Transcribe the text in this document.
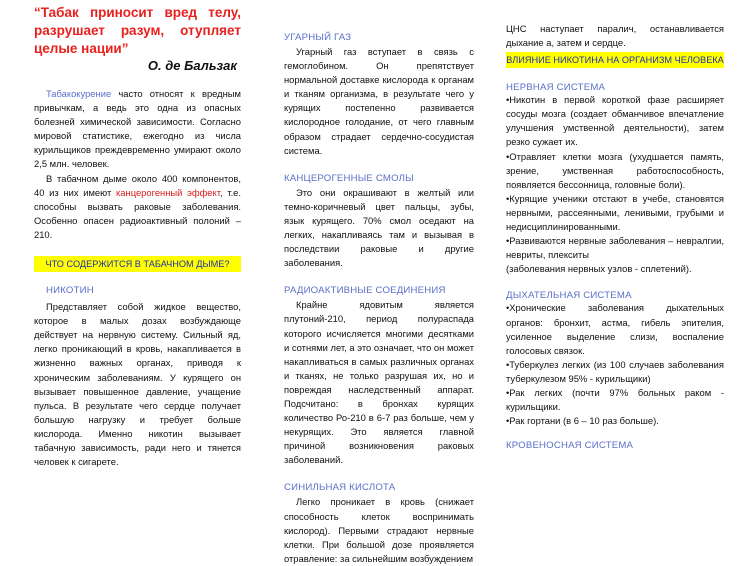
“Табак приносит вред телу, разрушает разум, отупляет целые нации”
О. де Бальзак

Табакокурение часто относят к вредным привычкам, а ведь это одна из опасных болезней химической зависимости. Согласно мировой статистике, ежегодно из числа курильщиков преждевременно умирают около 2,5 млн. человек.

В табачном дыме около 400 компонентов, 40 из них имеют канцерогенный эффект, т.е. способны вызвать раковые заболевания. Особенно опасен радиоактивный полоний – 210.

ЧТО СОДЕРЖИТСЯ В ТАБАЧНОМ ДЫМЕ?
НИКОТИН

Представляет собой жидкое вещество, которое в малых дозах возбуждающе действует на нервную систему. Сильный яд, легко проникающий в кровь, накапливается в жизненно важных органах, приводя к хроническим заболеваниям. У курящего он вызывает повышенное давление, учащение пульса. В результате чего сердце получает большую нагрузку и требует больше кислорода. Именно никотин вызывает табачную зависимость, ради него и тянется человек к сигарете.

УГАРНЫЙ ГАЗ

Угарный газ вступает в связь с гемоглобином. Он препятствует нормальной доставке кислорода к органам и тканям организма, в результате чего у курящих постепенно развивается кислородное голодание, от чего главным образом страдает сердечно-сосудистая система.

КАНЦЕРОГЕННЫЕ СМОЛЫ

Это они окрашивают в желтый или темно-коричневый цвет пальцы, зубы, язык курящего. 70% смол оседают на легких, накапливаясь там и вызывая в последствии раковые и другие заболевания.

РАДИОАКТИВНЫЕ СОЕДИНЕНИЯ

Крайне ядовитым является плутоний-210, период полураспада которого исчисляется многими десятками и сотнями лет, а это означает, что он может накапливаться в самых различных органах и тканях, не только разрушая их, но и повреждая наследственный аппарат. Подсчитано: в бронхах курящих количество Ро-210 в 6-7 раз больше, чем у некурящих. Это является главной причиной возникновения раковых заболеваний.

СИНИЛЬНАЯ КИСЛОТА

Легко проникает в кровь (снижает способность клеток воспринимать кислород). Первыми страдают нервные клетки. При большой дозе проявляется отравление: за сильнейшим возбуждением

ЦНС наступает паралич, останавливается дыхание а, затем и сердце.

ВЛИЯНИЕ НИКОТИНА НА ОРГАНИЗМ ЧЕЛОВЕКА
НЕРВНАЯ СИСТЕМА

•Никотин в первой короткой фазе расширяет сосуды мозга (создает обманчивое впечатление улучшения умственной деятельности), затем резко сужает их.

•Отравляет клетки мозга (ухудшается память, зрение, умственная работоспособность, появляется бессонница, головные боли).

•Курящие ученики отстают в учебе, становятся нервными, рассеянными, ленивыми, грубыми и недисциплинированными.

•Развиваются нервные заболевания – невралгии, невриты, плекситы

(заболевания нервных узлов - сплетений).

ДЫХАТЕЛЬНАЯ СИСТЕМА

•Хронические заболевания дыхательных органов: бронхит, астма, гибель эпителия, усиленное выделение слизи, воспаление голосовых связок.

•Туберкулез легких (из 100 случаев заболевания туберкулезом 95% - курильщики)

•Рак легких (почти 97% больных раком - курильщики.

•Рак гортани (в 6 – 10 раз больше).

КРОВЕНОСНАЯ СИСТЕМА
